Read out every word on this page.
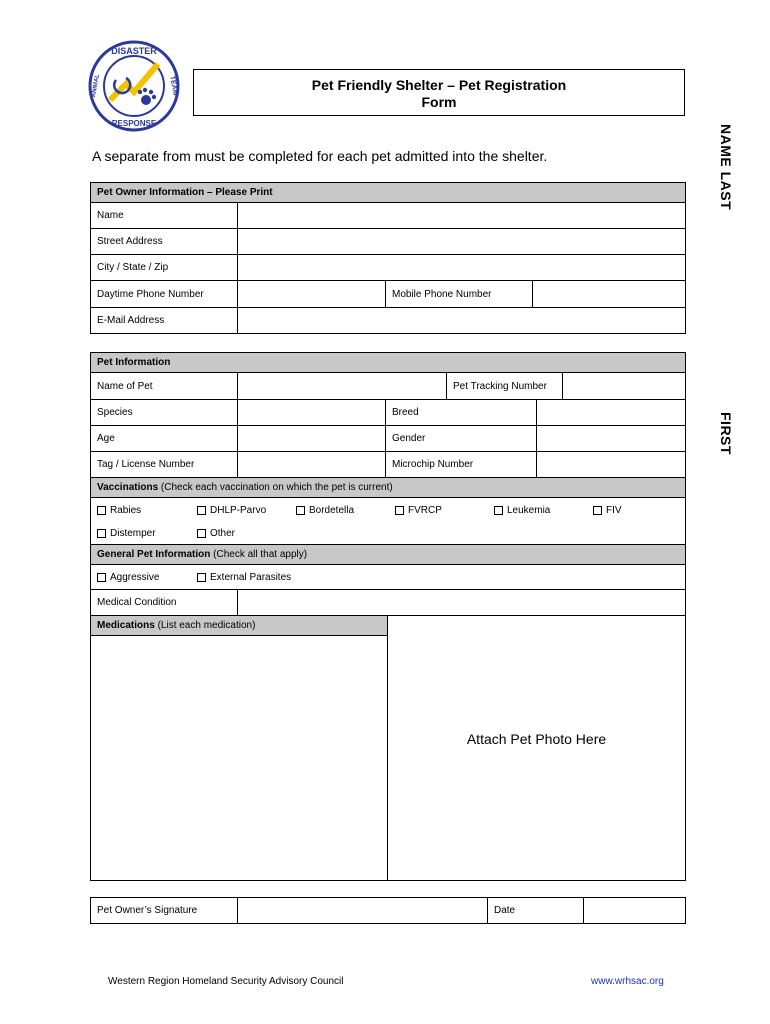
DISASTER
ANIMAL
RESPONSE
TEAM	Pet Friendly Shelter – Pet Registration
Form
NAME LAST
FIRST
A separate from must be completed for each pet admitted into the shelter.
Pet Owner Information – Please Print
Name
Street Address
City / State / Zip
Daytime Phone Number	Mobile Phone Number
E-Mail Address
Pet Information
Name of Pet	Pet Tracking Number
Species	Breed
Age	Gender
Tag / License Number	Microchip Number
Vaccinations (Check each vaccination on which the pet is current)
Rabies	DHLP-Parvo	Bordetella	FVRCP	Leukemia	FIV
Distemper	Other
General Pet Information (Check all that apply)
Aggressive	External Parasites
Medical Condition
Medications (List each medication)
Attach Pet Photo Here
Pet Owner’s Signature	Date
Western Region Homeland Security Advisory Council	www.wrhsac.org
